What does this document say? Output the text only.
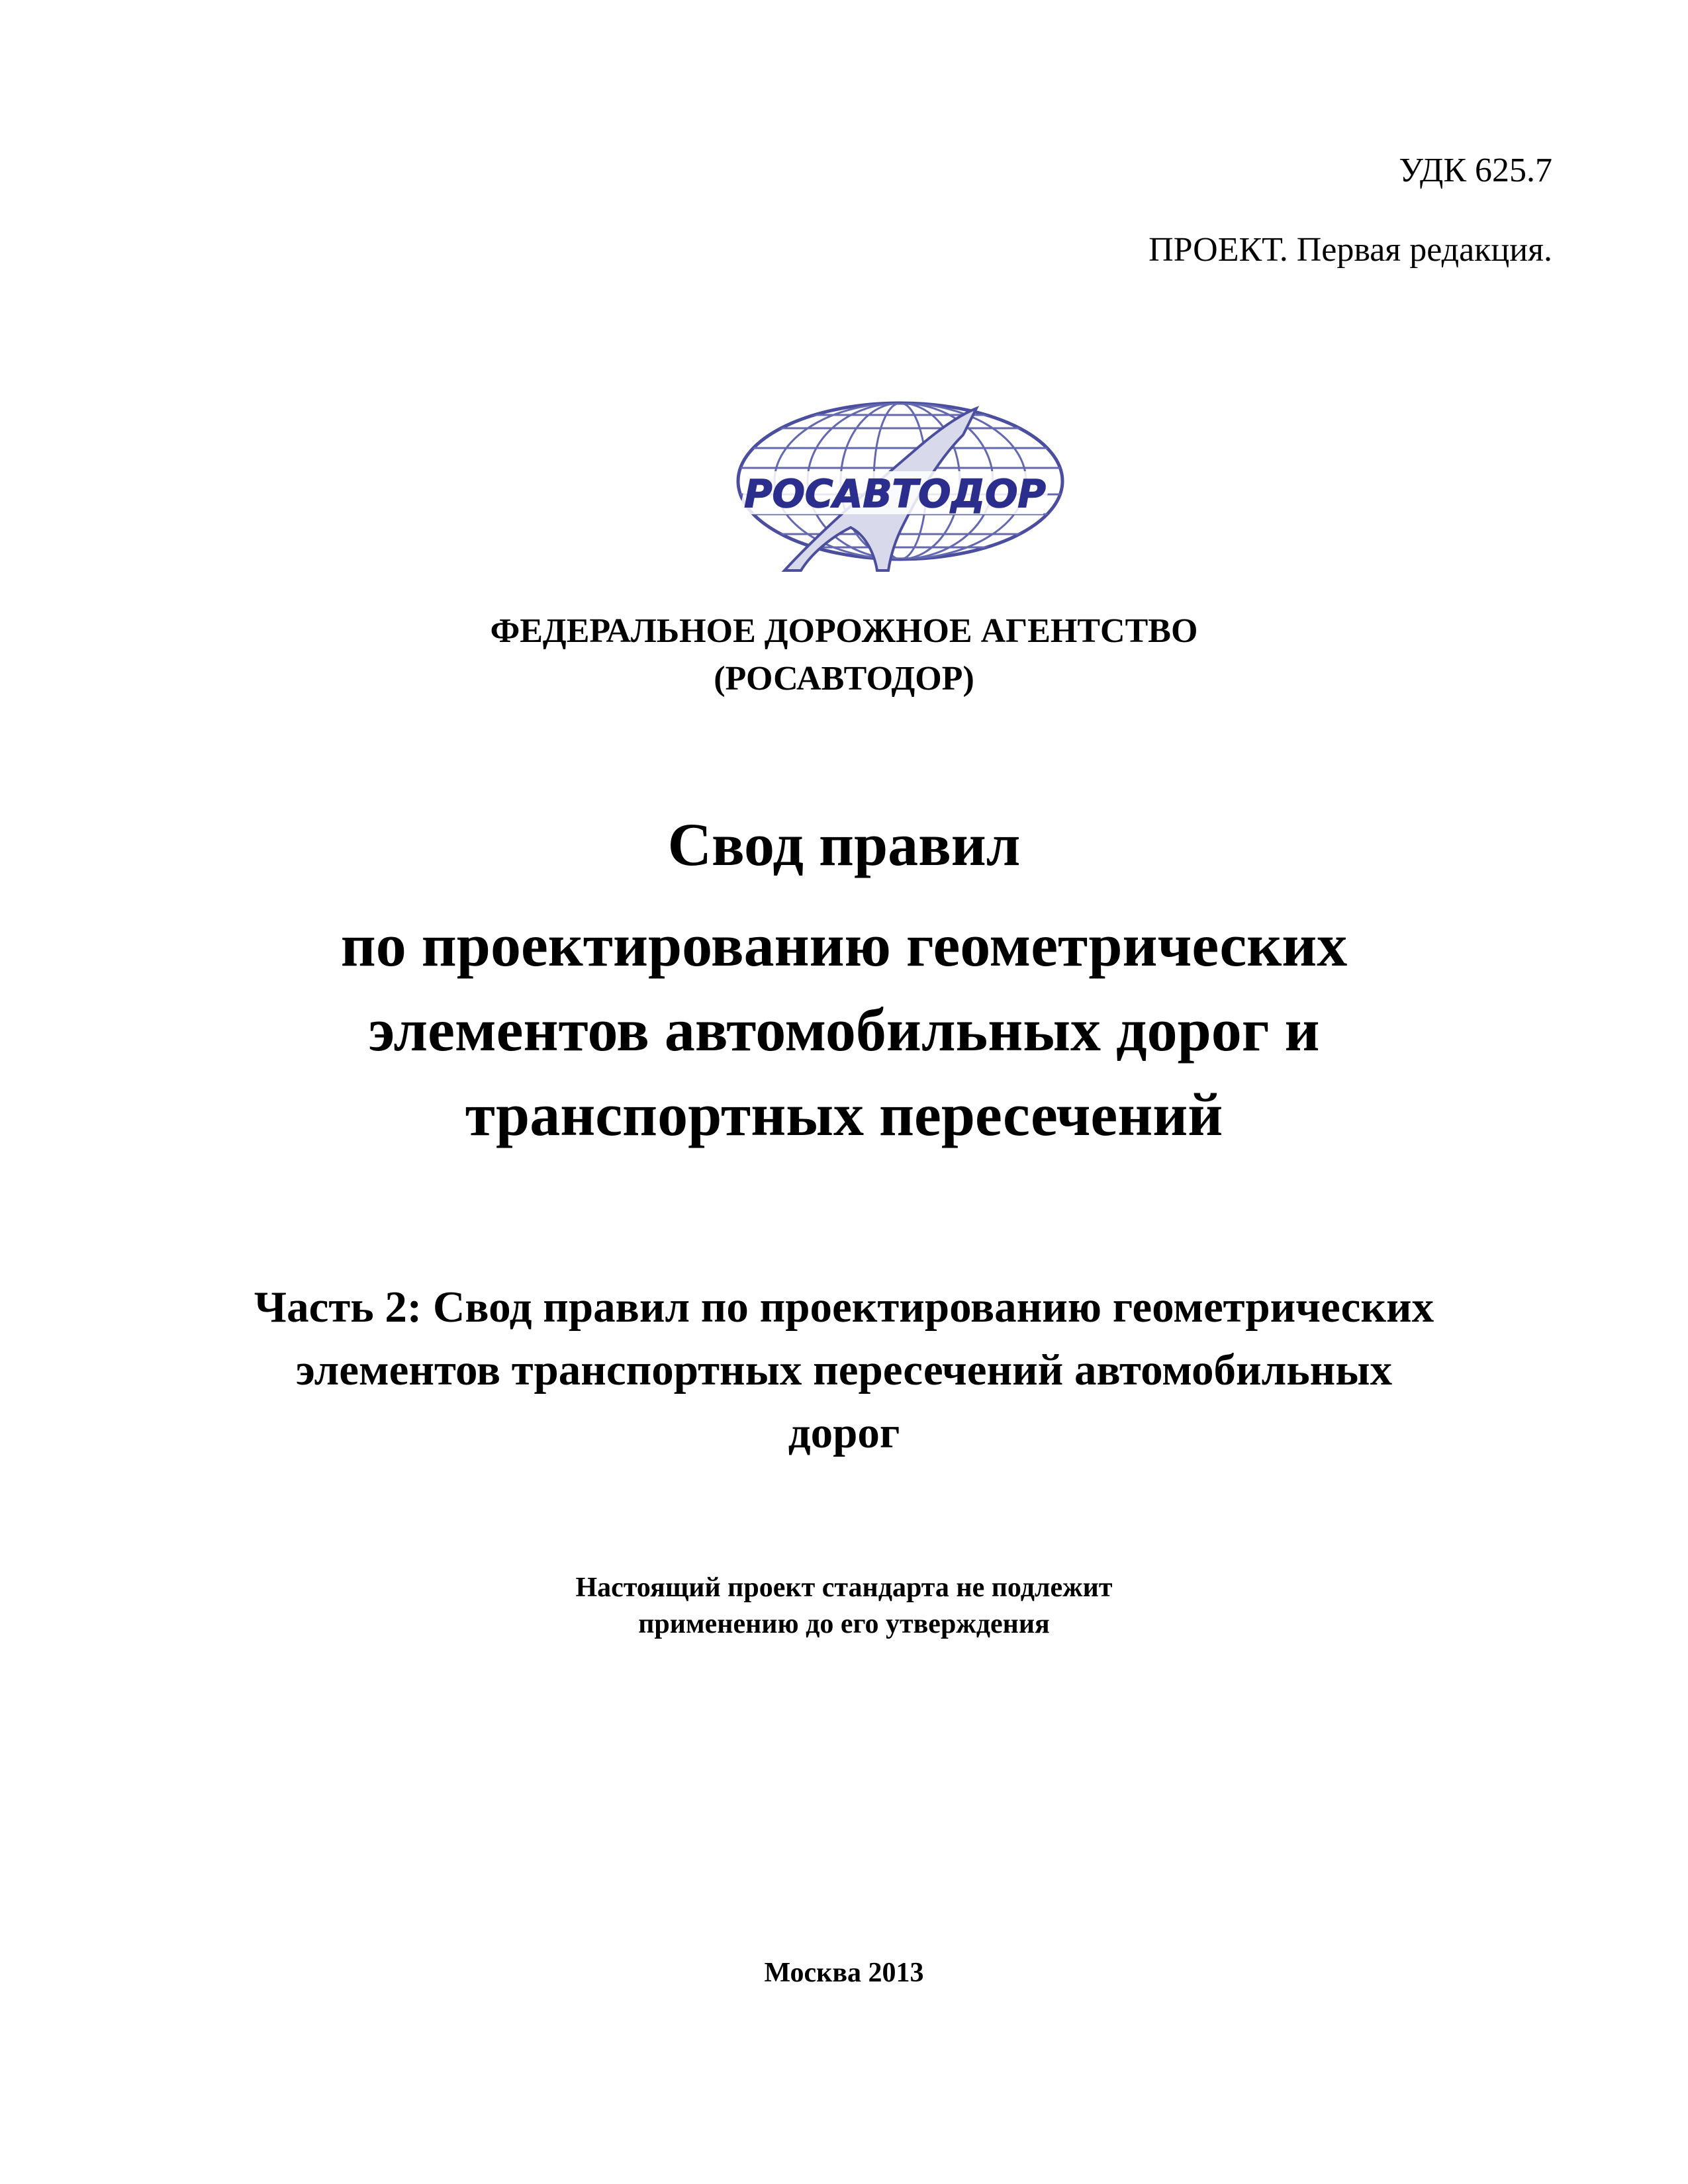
УДК 625.7
ПРОЕКТ. Первая редакция.
РОСАВТОДОР
ФЕДЕРАЛЬНОЕ ДОРОЖНОЕ АГЕНТСТВО
(РОСАВТОДОР)
Свод правил
по проектированию геометрических
элементов автомобильных дорог и
транспортных пересечений
Часть 2: Свод правил по проектированию геометрических
элементов транспортных пересечений автомобильных
дорог
Настоящий проект стандарта не подлежит
применению до его утверждения
Москва 2013
